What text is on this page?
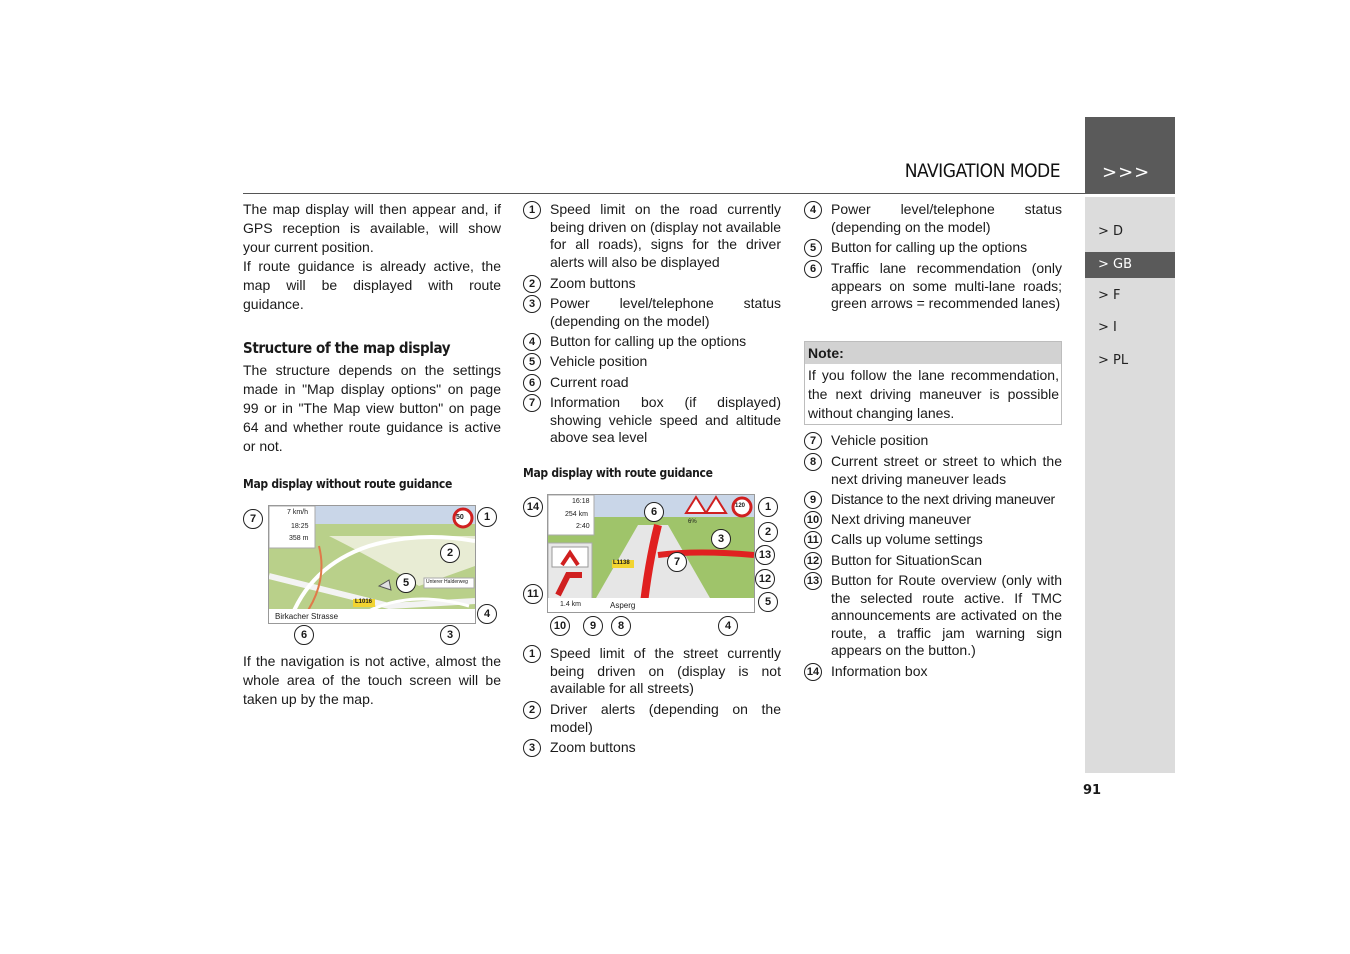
NAVIGATION MODE >>>
> D
> GB
> F
> I
> PL
91
The map display will then appear and, if GPS reception is available, will show your current position.
If route guidance is already active, the map will be displayed with route guidance.
Structure of the map display
The structure depends on the settings made in "Map display options" on page 99 or in "The Map view button" on page 64 and whether route guidance is active or not.
Map display without route guidance
7 km/h
18:25
358 m
50
L1016
Unterer Halderweg
Birkacher Strasse
7	1
2
5
4
6	3
If the navigation is not active, almost the whole area of the touch screen will be taken up by the map.
1	Speed limit on the road currently being driven on (display not available for all roads), signs for the driver alerts will also be displayed
2	Zoom buttons
3	Power level/telephone status (depending on the model)
4	Button for calling up the options
5	Vehicle position
6	Current road
7	Information box (if displayed) showing vehicle speed and altitude above sea level
Map display with route guidance
16:18
254 km
2:40
120
6%
L1138
1.4 km	Asperg
14	6	1
2
3
13
7
12
11
5
10	9	8	4
1	Speed limit of the street currently being driven on (display is not available for all streets)
2	Driver alerts (depending on the model)
3	Zoom buttons
4	Power level/telephone status (depending on the model)
5	Button for calling up the options
6	Traffic lane recommendation (only appears on some multi-lane roads; green arrows = recommended lanes)
Note:
If you follow the lane recommendation, the next driving maneuver is possible without changing lanes.
7	Vehicle position
8	Current street or street to which the next driving maneuver leads
9	Distance to the next driving maneuver
10 Next driving maneuver
11 Calls up volume settings
12 Button for SituationScan
13 Button for Route overview (only with the selected route active. If TMC announcements are activated on the route, a traffic jam warning sign appears on the button.)
14 Information box
